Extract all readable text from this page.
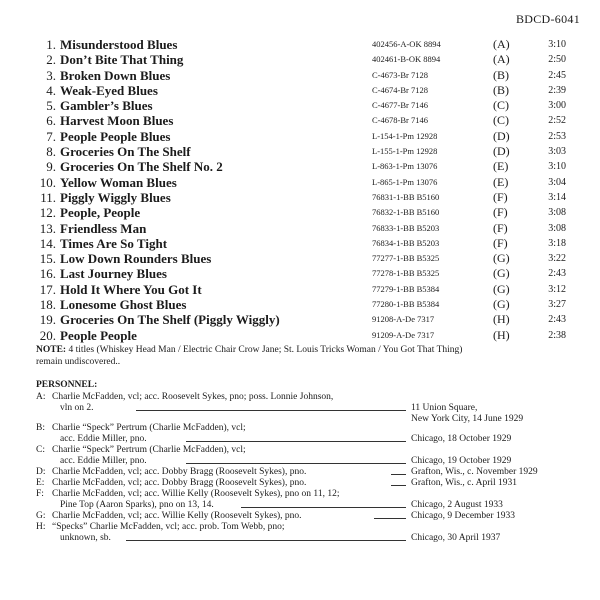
BDCD-6041
1. Misunderstood Blues	402456-A-OK 8894	(A)	3:10
2. Don’t Bite That Thing	402461-B-OK 8894	(A)	2:50
3. Broken Down Blues	C-4673-Br 7128	(B)	2:45
4. Weak-Eyed Blues	C-4674-Br 7128	(B)	2:39
5. Gambler’s Blues	C-4677-Br 7146	(C)	3:00
6. Harvest Moon Blues	C-4678-Br 7146	(C)	2:52
7. People People Blues	L-154-1-Pm 12928	(D)	2:53
8. Groceries On The Shelf	L-155-1-Pm 12928	(D)	3:03
9. Groceries On The Shelf No. 2	L-863-1-Pm 13076	(E)	3:10
10. Yellow Woman Blues	L-865-1-Pm 13076	(E)	3:04
11. Piggly Wiggly Blues	76831-1-BB B5160	(F)	3:14
12. People, People	76832-1-BB B5160	(F)	3:08
13. Friendless Man	76833-1-BB B5203	(F)	3:08
14. Times Are So Tight	76834-1-BB B5203	(F)	3:18
15. Low Down Rounders Blues	77277-1-BB B5325	(G)	3:22
16. Last Journey Blues	77278-1-BB B5325	(G)	2:43
17. Hold It Where You Got It	77279-1-BB B5384	(G)	3:12
18. Lonesome Ghost Blues	77280-1-BB B5384	(G)	3:27
19. Groceries On The Shelf (Piggly Wiggly)	91208-A-De 7317	(H)	2:43
20. People People	91209-A-De 7317	(H)	2:38
NOTE: 4 titles (Whiskey Head Man / Electric Chair Crow Jane; St. Louis Tricks Woman / You Got That Thing)
remain undiscovered..
PERSONNEL:
A: Charlie McFadden, vcl; acc. Roosevelt Sykes, pno; poss. Lonnie Johnson,
vln on 2.	11 Union Square,
New York City, 14 June 1929
B: Charlie “Speck” Pertrum (Charlie McFadden), vcl;
acc. Eddie Miller, pno.	Chicago, 18 October 1929
C: Charlie “Speck” Pertrum (Charlie McFadden), vcl;
acc. Eddie Miller, pno.	Chicago, 19 October 1929
D: Charlie McFadden, vcl; acc. Dobby Bragg (Roosevelt Sykes), pno.	Grafton, Wis., c. November 1929
E: Charlie McFadden, vcl; acc. Dobby Bragg (Roosevelt Sykes), pno.	Grafton, Wis., c. April 1931
F: Charlie McFadden, vcl; acc. Willie Kelly (Roosevelt Sykes), pno on 11, 12;
Pine Top (Aaron Sparks), pno on 13, 14.	Chicago, 2 August 1933
G: Charlie McFadden, vcl; acc. Willie Kelly (Roosevelt Sykes), pno.	Chicago, 9 December 1933
H: “Specks” Charlie McFadden, vcl; acc. prob. Tom Webb, pno;
unknown, sb.	Chicago, 30 April 1937
